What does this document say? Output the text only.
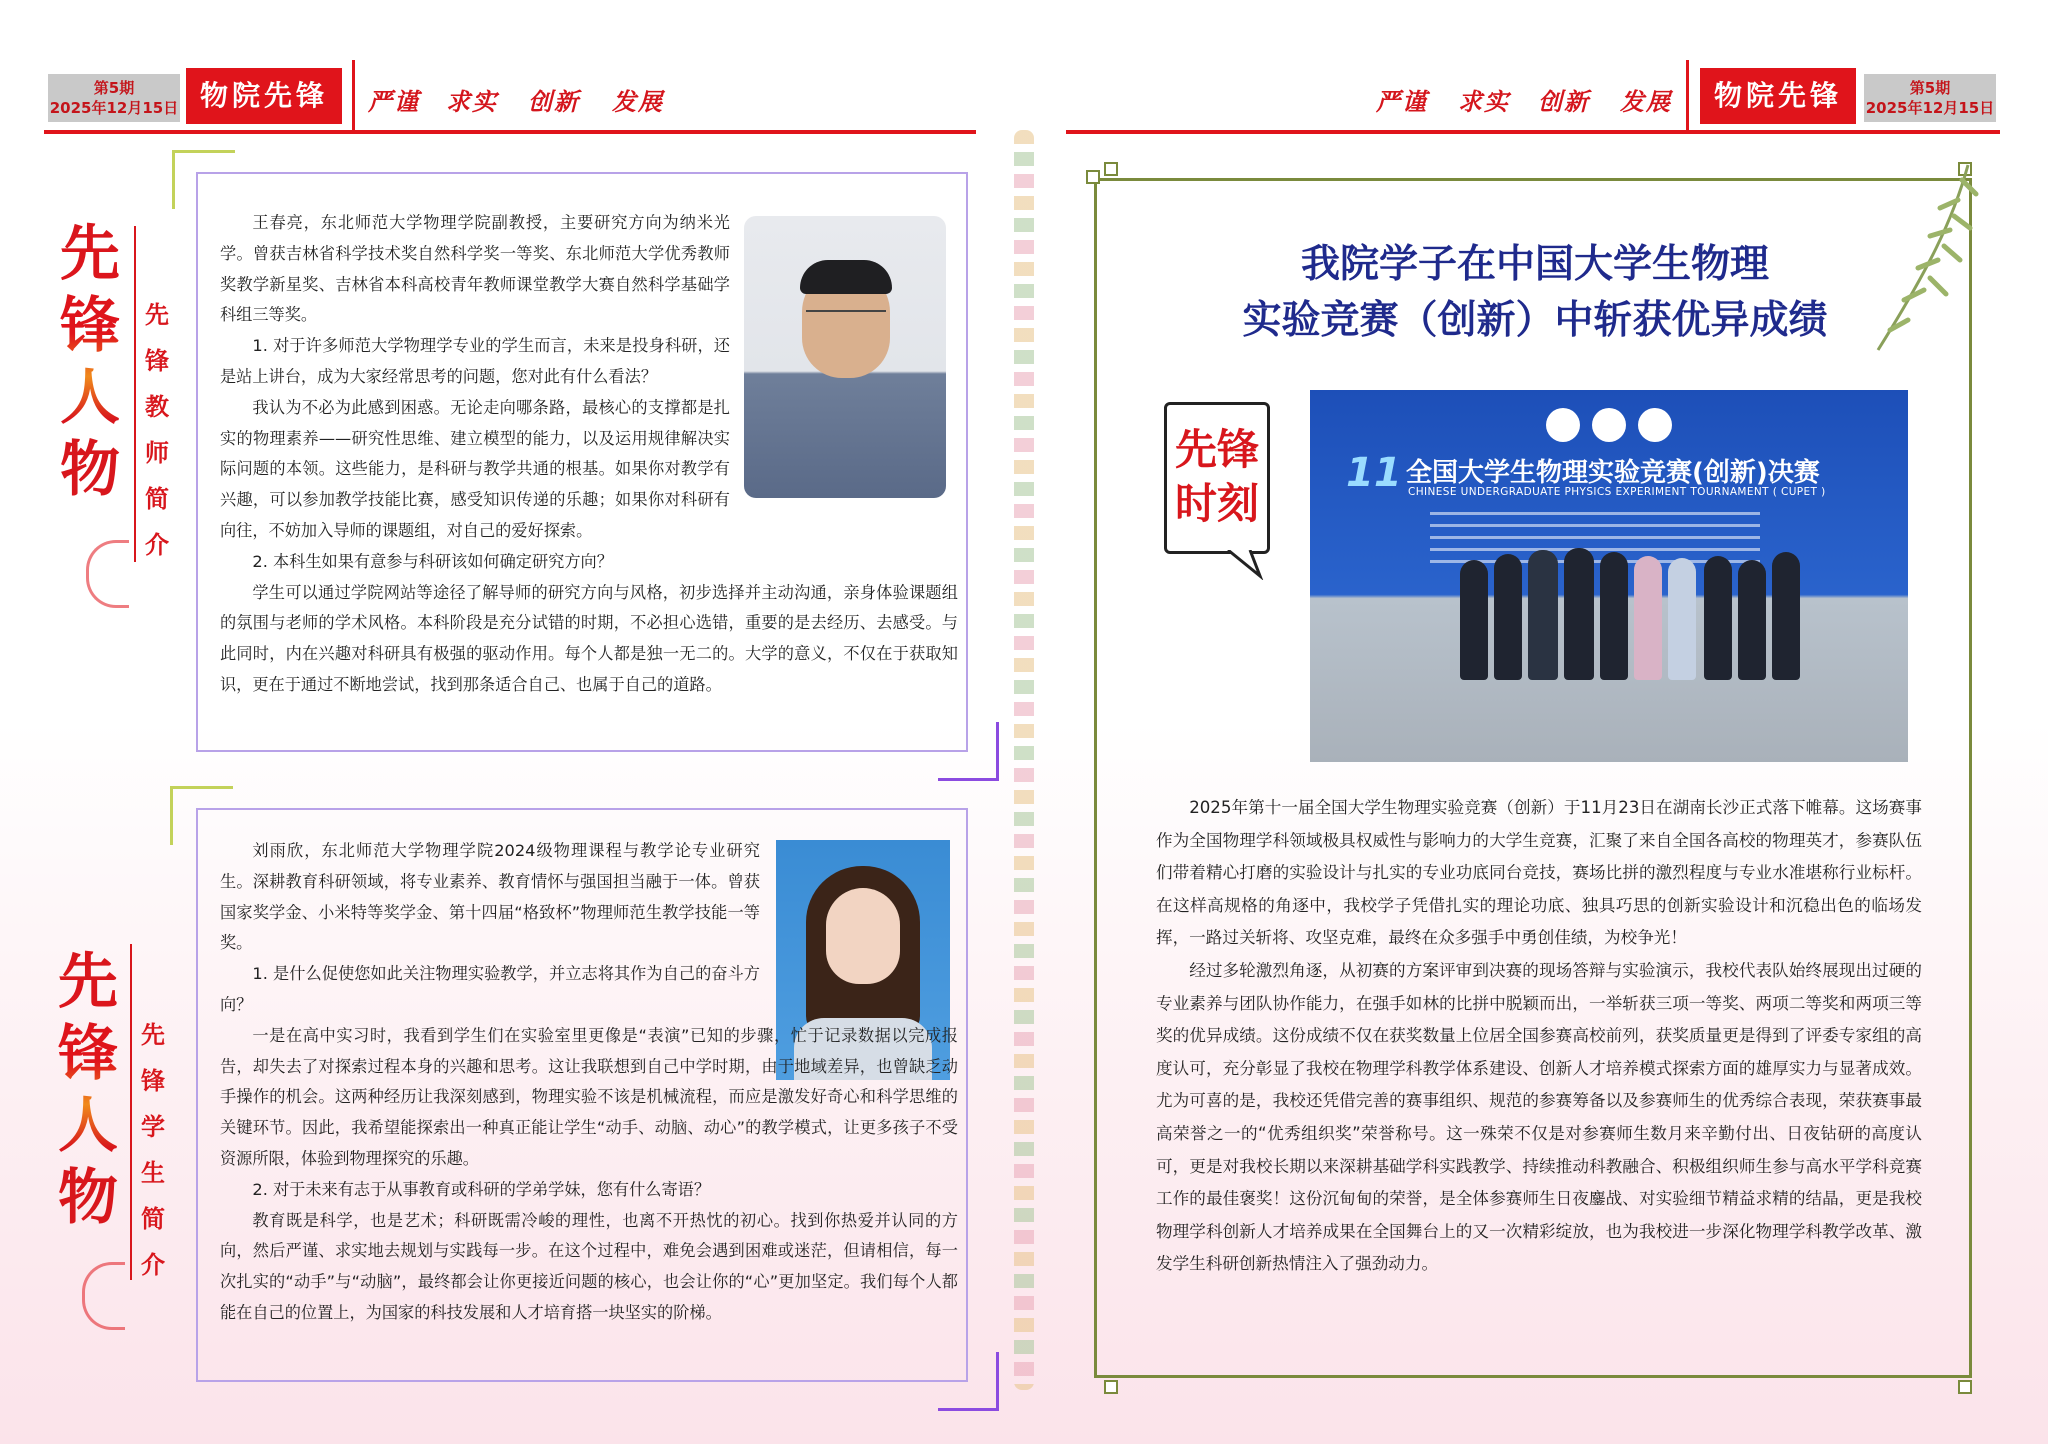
第5期
2025年12月15日 物院先锋	严谨 求实 创新 发展	严谨 求实 创新 发展	物院先锋	第5期
2025年12月15日
先锋人物
先锋教师简介

王春亮，东北师范大学物理学院副教授，主要研究方向为纳米光学。曾获吉林省科学技术奖自然科学奖一等奖、东北师范大学优秀教师奖教学新星奖、吉林省本科高校青年教师课堂教学大赛自然科学基础学科组三等奖。

1. 对于许多师范大学物理学专业的学生而言，未来是投身科研，还是站上讲台，成为大家经常思考的问题，您对此有什么看法？

我认为不必为此感到困惑。无论走向哪条路，最核心的支撑都是扎实的物理素养——研究性思维、建立模型的能力，以及运用规律解决实际问题的本领。这些能力，是科研与教学共通的根基。如果你对教学有兴趣，可以参加教学技能比赛，感受知识传递的乐趣；如果你对科研有向往，不妨加入导师的课题组，对自己的爱好探索。

2. 本科生如果有意参与科研该如何确定研究方向？

学生可以通过学院网站等途径了解导师的研究方向与风格，初步选择并主动沟通，亲身体验课题组的氛围与老师的学术风格。本科阶段是充分试错的时期，不必担心选错，重要的是去经历、去感受。与此同时，内在兴趣对科研具有极强的驱动作用。每个人都是独一无二的。大学的意义，不仅在于获取知识，更在于通过不断地尝试，找到那条适合自己、也属于自己的道路。

先锋人物
先锋学生简介

刘雨欣，东北师范大学物理学院2024级物理课程与教学论专业研究生。深耕教育科研领域，将专业素养、教育情怀与强国担当融于一体。曾获国家奖学金、小米特等奖学金、第十四届“格致杯”物理师范生教学技能一等奖。

1. 是什么促使您如此关注物理实验教学，并立志将其作为自己的奋斗方向？

一是在高中实习时，我看到学生们在实验室里更像是“表演”已知的步骤，忙于记录数据以完成报告，却失去了对探索过程本身的兴趣和思考。这让我联想到自己中学时期，由于地域差异，也曾缺乏动手操作的机会。这两种经历让我深刻感到，物理实验不该是机械流程，而应是激发好奇心和科学思维的关键环节。因此，我希望能探索出一种真正能让学生“动手、动脑、动心”的教学模式，让更多孩子不受资源所限，体验到物理探究的乐趣。

2. 对于未来有志于从事教育或科研的学弟学妹，您有什么寄语？

教育既是科学，也是艺术；科研既需冷峻的理性，也离不开热忱的初心。找到你热爱并认同的方向，然后严谨、求实地去规划与实践每一步。在这个过程中，难免会遇到困难或迷茫，但请相信，每一次扎实的“动手”与“动脑”，最终都会让你更接近问题的核心，也会让你的“心”更加坚定。我们每个人都能在自己的位置上，为国家的科技发展和人才培育搭一块坚实的阶梯。

我院学子在中国大学生物理
实验竞赛（创新）中斩获优异成绩
先锋
时刻
11 全国大学生物理实验竞赛(创新)决赛
CHINESE UNDERGRADUATE PHYSICS EXPERIMENT TOURNAMENT ( CUPET )

2025年第十一届全国大学生物理实验竞赛（创新）于11月23日在湖南长沙正式落下帷幕。这场赛事作为全国物理学科领域极具权威性与影响力的大学生竞赛，汇聚了来自全国各高校的物理英才，参赛队伍们带着精心打磨的实验设计与扎实的专业功底同台竞技，赛场比拼的激烈程度与专业水准堪称行业标杆。在这样高规格的角逐中，我校学子凭借扎实的理论功底、独具巧思的创新实验设计和沉稳出色的临场发挥，一路过关斩将、攻坚克难，最终在众多强手中勇创佳绩，为校争光！

经过多轮激烈角逐，从初赛的方案评审到决赛的现场答辩与实验演示，我校代表队始终展现出过硬的专业素养与团队协作能力，在强手如林的比拼中脱颖而出，一举斩获三项一等奖、两项二等奖和两项三等奖的优异成绩。这份成绩不仅在获奖数量上位居全国参赛高校前列，获奖质量更是得到了评委专家组的高度认可，充分彰显了我校在物理学科教学体系建设、创新人才培养模式探索方面的雄厚实力与显著成效。尤为可喜的是，我校还凭借完善的赛事组织、规范的参赛筹备以及参赛师生的优秀综合表现，荣获赛事最高荣誉之一的“优秀组织奖”荣誉称号。这一殊荣不仅是对参赛师生数月来辛勤付出、日夜钻研的高度认可，更是对我校长期以来深耕基础学科实践教学、持续推动科教融合、积极组织师生参与高水平学科竞赛工作的最佳褒奖！这份沉甸甸的荣誉，是全体参赛师生日夜鏖战、对实验细节精益求精的结晶，更是我校物理学科创新人才培养成果在全国舞台上的又一次精彩绽放，也为我校进一步深化物理学科教学改革、激发学生科研创新热情注入了强劲动力。
